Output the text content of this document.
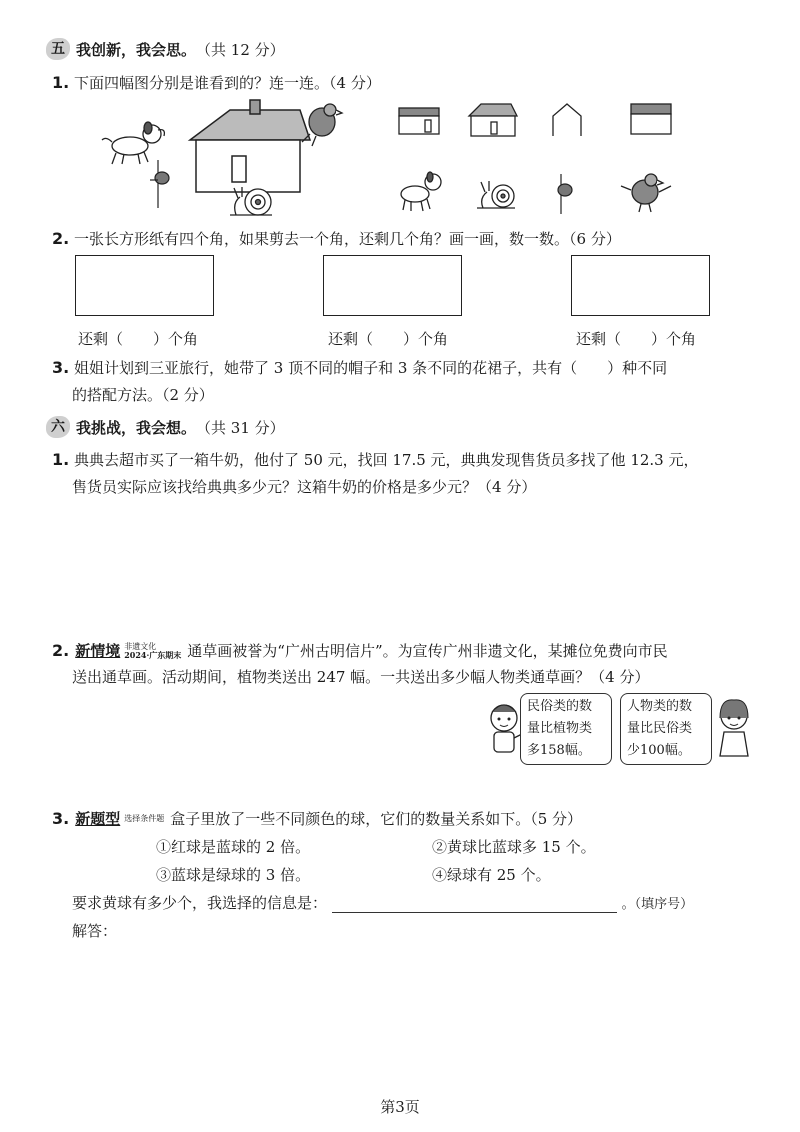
五 我创新，我会思。 （共 12 分）
1. 下面四幅图分别是谁看到的？连一连。（4 分）
2. 一张长方形纸有四个角，如果剪去一个角，还剩几个角？画一画，数一数。（6 分）
还剩（　　）个角	还剩（　　）个角	还剩（　　）个角
3. 姐姐计划到三亚旅行，她带了 3 顶不同的帽子和 3 条不同的花裙子，共有（　　）种不同
的搭配方法。（2 分）
六 我挑战，我会想。 （共 31 分）
1. 典典去超市买了一箱牛奶，他付了 50 元，找回 17.5 元，典典发现售货员多找了他 12.3 元，
售货员实际应该找给典典多少元？这箱牛奶的价格是多少元？（4 分）
2. 新情境 非遗文化
2024·广东期末 通草画被誉为“广州古明信片”。为宣传广州非遗文化，某摊位免费向市民
送出通草画。活动期间，植物类送出 247 幅。一共送出多少幅人物类通草画？（4 分）
民俗类的数
量比植物类
多158幅。
人物类的数
量比民俗类
少100幅。
3. 新题型 选择条件题 盒子里放了一些不同颜色的球，它们的数量关系如下。（5 分）
①红球是蓝球的 2 倍。	②黄球比蓝球多 15 个。
③蓝球是绿球的 3 倍。	④绿球有 25 个。
要求黄球有多少个，我选择的信息是：	。（填序号）
解答：
第3页
